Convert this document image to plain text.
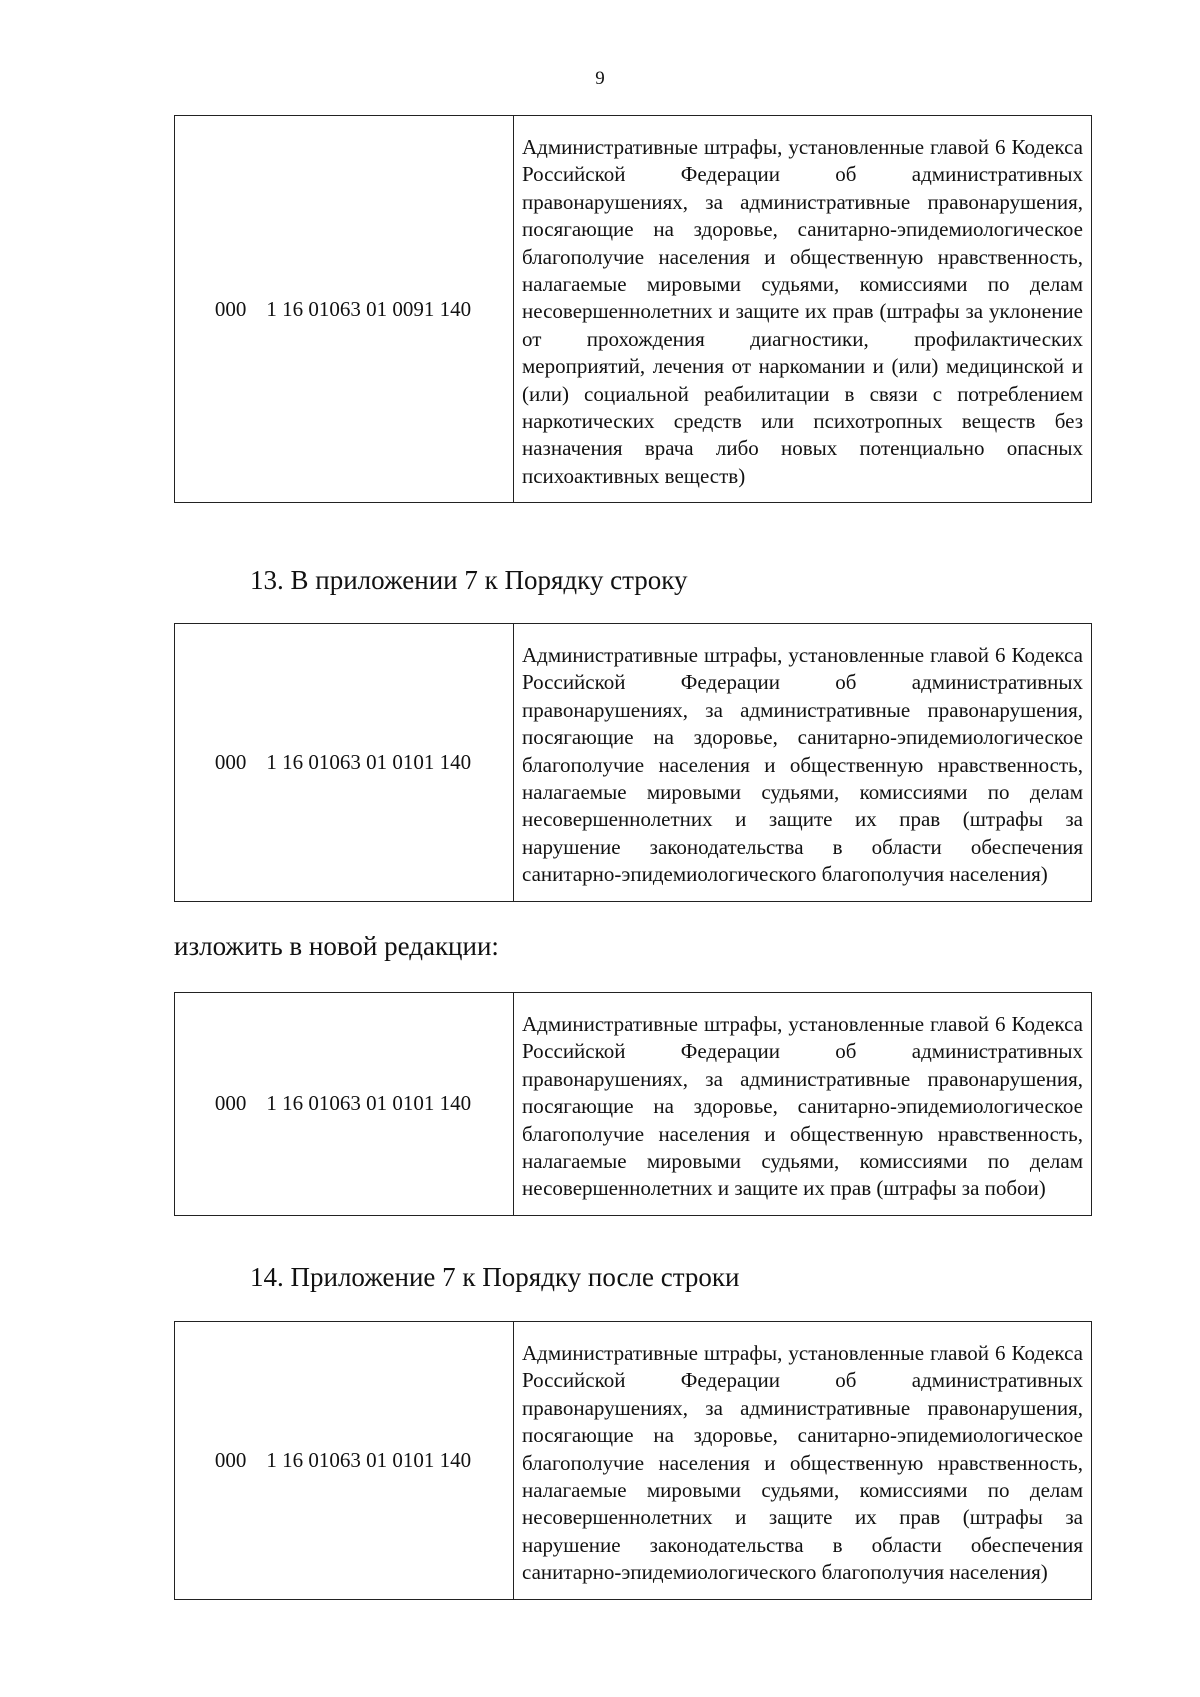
9
000 1 16 01063 01 0091 140	Административные штрафы, установленные главой 6 Кодекса Российской Федерации об административных правонарушениях, за административные правонарушения, посягающие на здоровье, санитарно-эпидемиологическое благополучие населения и общественную нравственность, налагаемые мировыми судьями, комиссиями по делам несовершеннолетних и защите их прав (штрафы за уклонение от прохождения диагностики, профилактических мероприятий, лечения от наркомании и (или) медицинской и (или) социальной реабилитации в связи с потреблением наркотических средств или психотропных веществ без назначения врача либо новых потенциально опасных психоактивных веществ)
13. В приложении 7 к Порядку строку
000 1 16 01063 01 0101 140	Административные штрафы, установленные главой 6 Кодекса Российской Федерации об административных правонарушениях, за административные правонарушения, посягающие на здоровье, санитарно-эпидемиологическое благополучие населения и общественную нравственность, налагаемые мировыми судьями, комиссиями по делам несовершеннолетних и защите их прав (штрафы за нарушение законодательства в области обеспечения санитарно-эпидемиологического благополучия населения)
изложить в новой редакции:
000 1 16 01063 01 0101 140	Административные штрафы, установленные главой 6 Кодекса Российской Федерации об административных правонарушениях, за административные правонарушения, посягающие на здоровье, санитарно-эпидемиологическое благополучие населения и общественную нравственность, налагаемые мировыми судьями, комиссиями по делам несовершеннолетних и защите их прав (штрафы за побои)
14. Приложение 7 к Порядку после строки
000 1 16 01063 01 0101 140	Административные штрафы, установленные главой 6 Кодекса Российской Федерации об административных правонарушениях, за административные правонарушения, посягающие на здоровье, санитарно-эпидемиологическое благополучие населения и общественную нравственность, налагаемые мировыми судьями, комиссиями по делам несовершеннолетних и защите их прав (штрафы за нарушение законодательства в области обеспечения санитарно-эпидемиологического благополучия населения)
